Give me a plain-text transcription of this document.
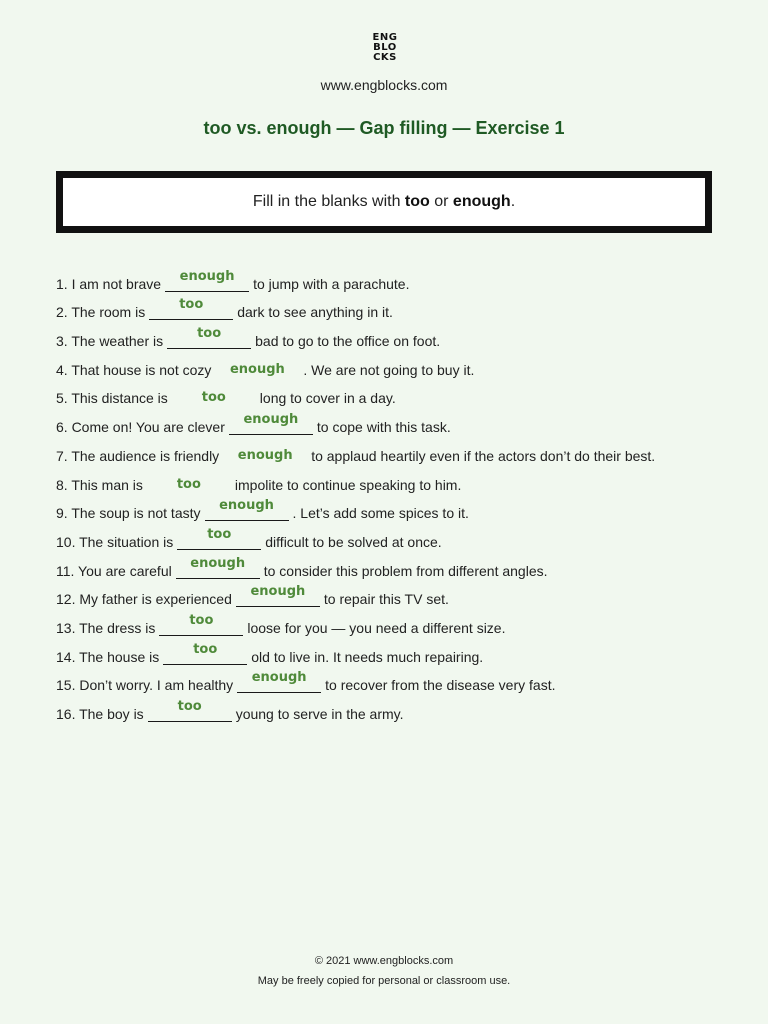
ENG
BLO
CKS
www.engblocks.com
too vs. enough — Gap filling — Exercise 1
Fill in the blanks with too or enough.
1. I am not brave	enough	to jump with a parachute.
2. The room is	too	dark to see anything in it.
3. The weather is	too	bad to go to the office on foot.
4. That house is not cozy	enough	. We are not going to buy it.
5. This distance is	too	long to cover in a day.
6. Come on! You are clever	enough	to cope with this task.
7. The audience is friendly	enough	to applaud heartily even if the actors don’t do their best.
8. This man is	too	impolite to continue speaking to him.
9. The soup is not tasty	enough	. Let’s add some spices to it.
10. The situation is	too	difficult to be solved at once.
11. You are careful	enough	to consider this problem from different angles.
12. My father is experienced	enough	to repair this TV set.
13. The dress is	too	loose for you — you need a different size.
14. The house is	too	old to live in. It needs much repairing.
15. Don’t worry. I am healthy	enough	to recover from the disease very fast.
16. The boy is	too	young to serve in the army.
© 2021 www.engblocks.com
May be freely copied for personal or classroom use.
